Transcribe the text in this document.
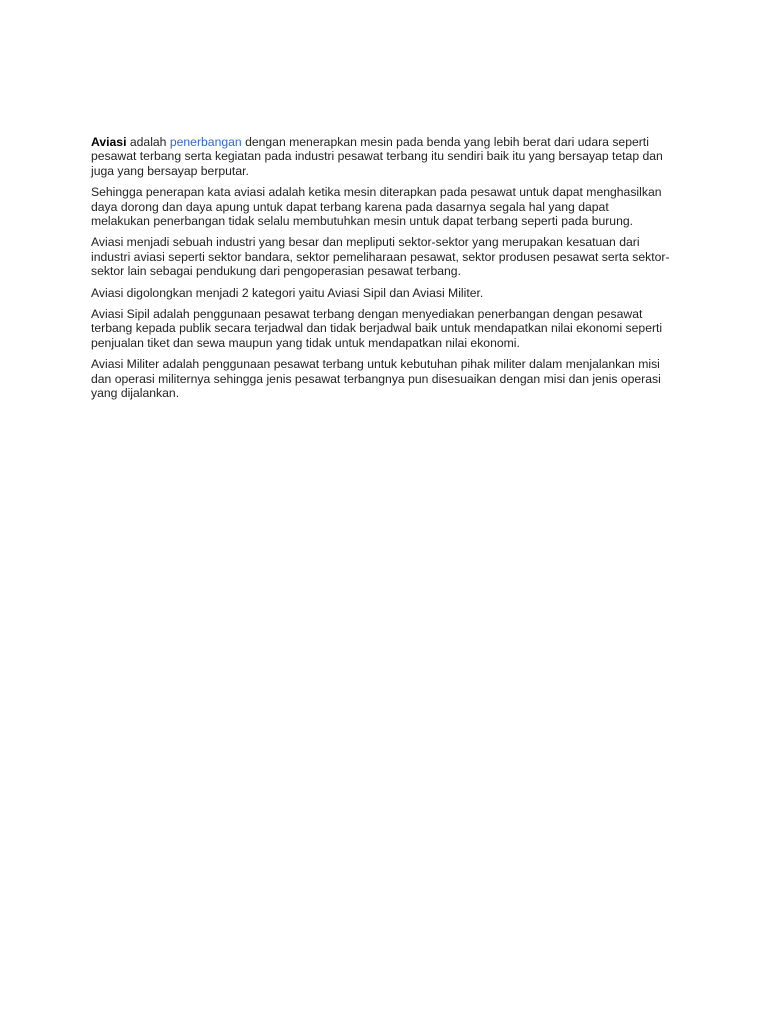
Aviasi adalah penerbangan dengan menerapkan mesin pada benda yang lebih berat dari udara seperti pesawat terbang serta kegiatan pada industri pesawat terbang itu sendiri baik itu yang bersayap tetap dan juga yang bersayap berputar.

Sehingga penerapan kata aviasi adalah ketika mesin diterapkan pada pesawat untuk dapat menghasilkan daya dorong dan daya apung untuk dapat terbang karena pada dasarnya segala hal yang dapat melakukan penerbangan tidak selalu membutuhkan mesin untuk dapat terbang seperti pada burung.

Aviasi menjadi sebuah industri yang besar dan mepliputi sektor-sektor yang merupakan kesatuan dari industri aviasi seperti sektor bandara, sektor pemeliharaan pesawat, sektor produsen pesawat serta sektor-sektor lain sebagai pendukung dari pengoperasian pesawat terbang.

Aviasi digolongkan menjadi 2 kategori yaitu Aviasi Sipil dan Aviasi Militer.

Aviasi Sipil adalah penggunaan pesawat terbang dengan menyediakan penerbangan dengan pesawat terbang kepada publik secara terjadwal dan tidak berjadwal baik untuk mendapatkan nilai ekonomi seperti penjualan tiket dan sewa maupun yang tidak untuk mendapatkan nilai ekonomi.

Aviasi Militer adalah penggunaan pesawat terbang untuk kebutuhan pihak militer dalam menjalankan misi dan operasi militernya sehingga jenis pesawat terbangnya pun disesuaikan dengan misi dan jenis operasi yang dijalankan.
